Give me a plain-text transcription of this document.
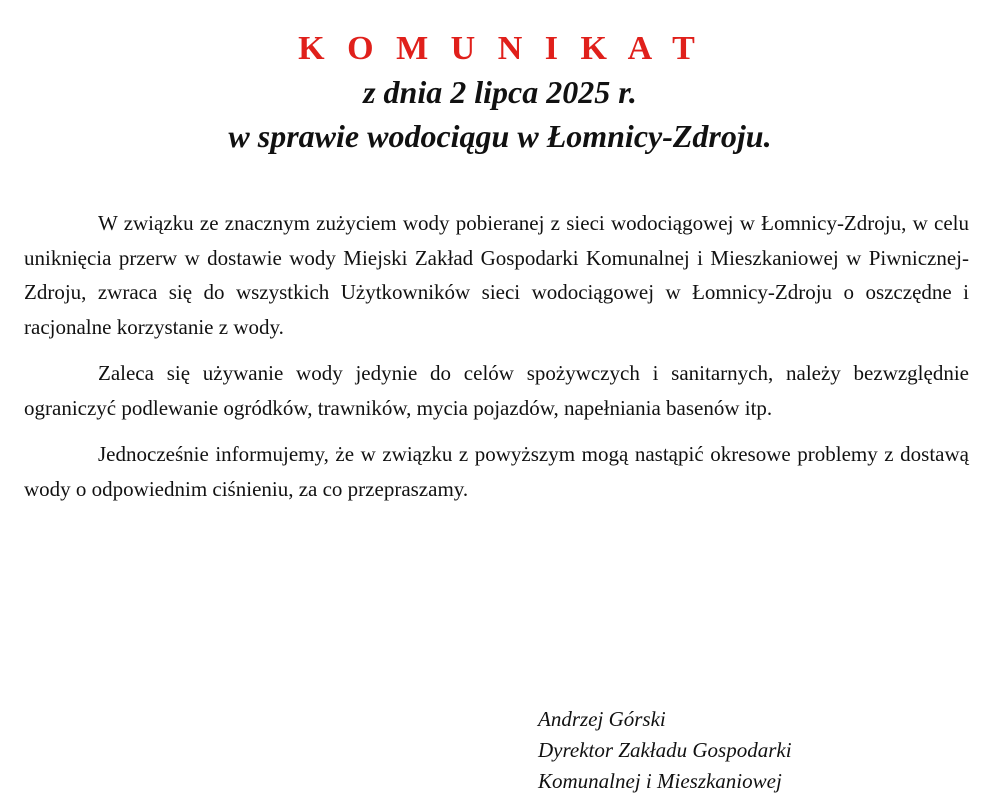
K O M U N I K A T

z dnia 2 lipca 2025 r.

w sprawie wodociągu w Łomnicy-Zdroju.

W związku ze znacznym zużyciem wody pobieranej z sieci wodociągowej w Łomnicy-Zdroju, w celu uniknięcia przerw w dostawie wody Miejski Zakład Gospodarki Komunalnej i Mieszkaniowej w Piwnicznej-Zdroju, zwraca się do wszystkich Użytkowników sieci wodociągowej w Łomnicy-Zdroju o oszczędne i racjonalne korzystanie z wody.

Zaleca się używanie wody jedynie do celów spożywczych i sanitarnych, należy bezwzględnie ograniczyć podlewanie ogródków, trawników, mycia pojazdów, napełniania basenów itp.

Jednocześnie informujemy, że w związku z powyższym mogą nastąpić okresowe problemy z dostawą wody o odpowiednim ciśnieniu, za co przepraszamy.

Andrzej Górski
Dyrektor Zakładu Gospodarki
Komunalnej i Mieszkaniowej
